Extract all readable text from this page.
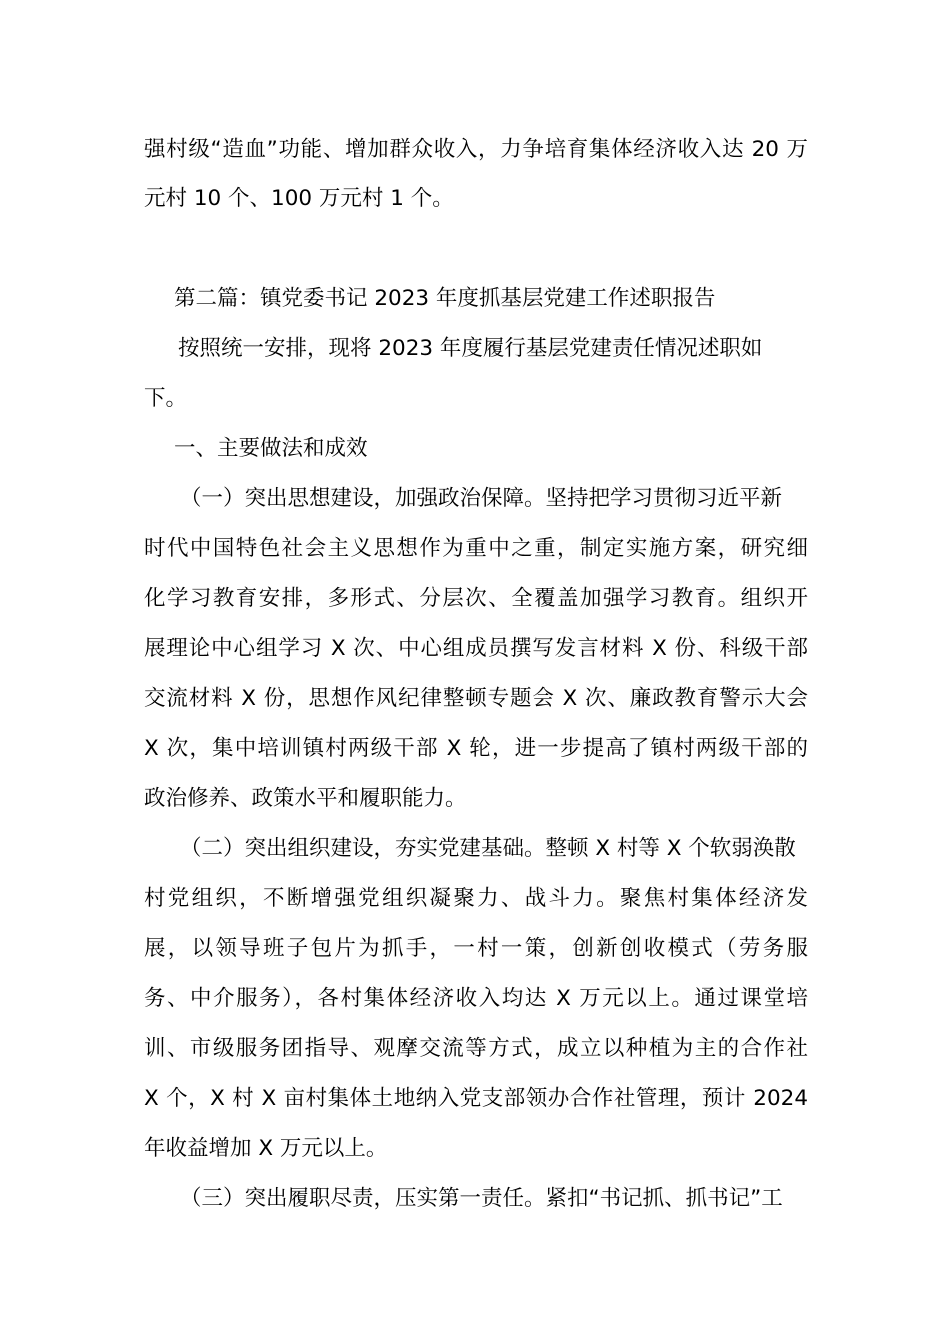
强村级“造血”功能、增加群众收入，力争培育集体经济收入达 20 万
元村 10 个、100 万元村 1 个。
第二篇：镇党委书记 2023 年度抓基层党建工作述职报告
按照统一安排，现将 2023 年度履行基层党建责任情况述职如
下。
一、主要做法和成效
（一）突出思想建设，加强政治保障。坚持把学习贯彻习近平新
时代中国特色社会主义思想作为重中之重，制定实施方案，研究细
化学习教育安排，多形式、分层次、全覆盖加强学习教育。组织开
展理论中心组学习 X 次、中心组成员撰写发言材料 X 份、科级干部
交流材料 X 份，思想作风纪律整顿专题会 X 次、廉政教育警示大会
X 次，集中培训镇村两级干部 X 轮，进一步提高了镇村两级干部的
政治修养、政策水平和履职能力。
（二）突出组织建设，夯实党建基础。整顿 X 村等 X 个软弱涣散
村党组织，不断增强党组织凝聚力、战斗力。聚焦村集体经济发
展，以领导班子包片为抓手，一村一策，创新创收模式（劳务服
务、中介服务），各村集体经济收入均达 X 万元以上。通过课堂培
训、市级服务团指导、观摩交流等方式，成立以种植为主的合作社
X 个，X 村 X 亩村集体土地纳入党支部领办合作社管理，预计 2024
年收益增加 X 万元以上。
（三）突出履职尽责，压实第一责任。紧扣“书记抓、抓书记”工
